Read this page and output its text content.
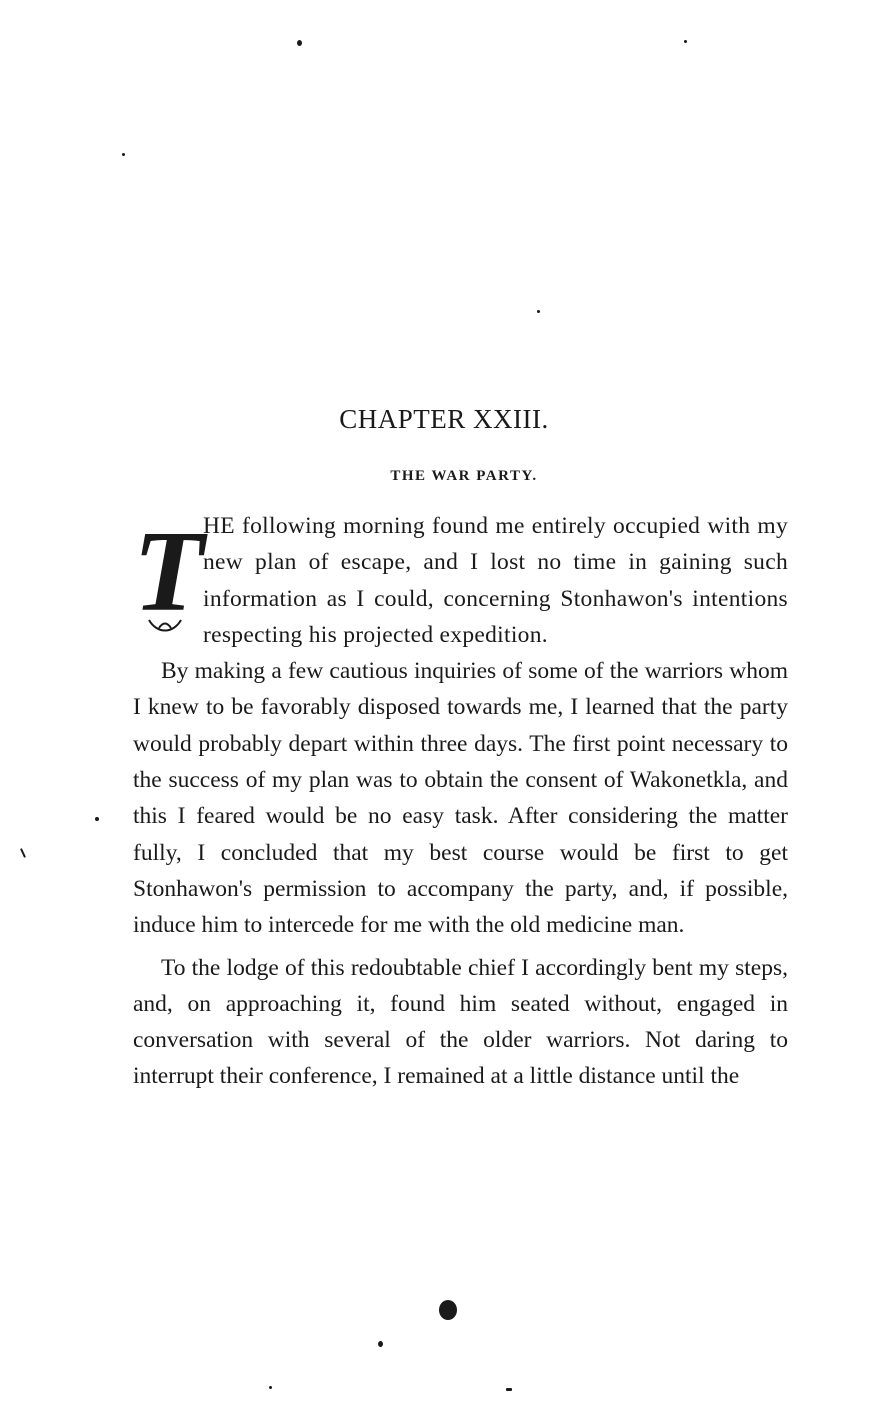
CHAPTER XXIII.
THE WAR PARTY.

THE following morning found me entirely occupied with my new plan of escape, and I lost no time in gaining such information as I could, concerning Stonhawon's intentions respecting his projected expedition.

By making a few cautious inquiries of some of the warriors whom I knew to be favorably disposed towards me, I learned that the party would probably depart within three days. The first point necessary to the success of my plan was to obtain the consent of Wakonetkla, and this I feared would be no easy task. After considering the matter fully, I concluded that my best course would be first to get Stonhawon's permission to accompany the party, and, if possible, induce him to intercede for me with the old medicine man.

To the lodge of this redoubtable chief I accordingly bent my steps, and, on approaching it, found him seated without, engaged in conversation with several of the older warriors. Not daring to interrupt their conference, I remained at a little distance until the
